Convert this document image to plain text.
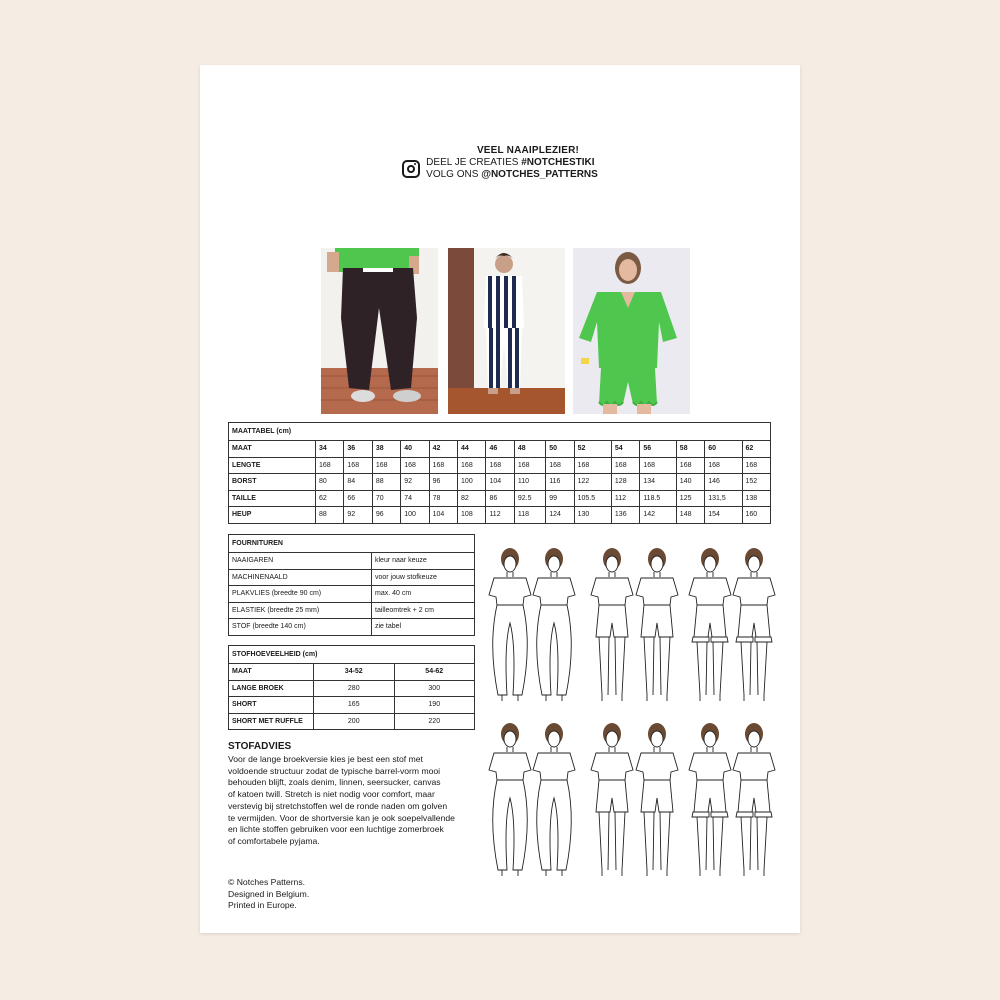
VEEL NAAIPLEZIER!
DEEL JE CREATIES #NOTCHESTIKI
VOLG ONS @NOTCHES_PATTERNS
MAATTABEL (cm)															
MAAT	34	36	38	40	42	44	46	48	50	52	54	56	58	60	62
LENGTE	168	168	168	168	168	168	168	168	168	168	168	168	168	168	168
BORST	80	84	88	92	96	100	104	110	116	122	128	134	140	146	152
TAILLE	62	66	70	74	78	82	86	92.5	99	105.5	112	118.5	125	131,5	138
HEUP	88	92	96	100	104	108	112	118	124	130	136	142	148	154	160
FOURNITUREN	
NAAIGAREN	kleur naar keuze
MACHINENAALD	voor jouw stofkeuze
PLAKVLIES (breedte 90 cm)	max. 40 cm
ELASTIEK (breedte 25 mm)	tailleomtrek + 2 cm
STOF (breedte 140 cm)	zie tabel
STOFHOEVEELHEID (cm)		
MAAT	34-52	54-62
LANGE BROEK	280	300
SHORT	165	190
SHORT MET RUFFLE	200	220
STOFADVIES
Voor de lange broekversie kies je best een stof met
voldoende structuur zodat de typische barrel-vorm mooi
behouden blijft, zoals denim, linnen, seersucker, canvas
of katoen twill. Stretch is niet nodig voor comfort, maar
verstevig bij stretchstoffen wel de ronde naden om golven
te vermijden. Voor de shortversie kan je ook soepelvallende
en lichte stoffen gebruiken voor een luchtige zomerbroek
of comfortabele pyjama.
© Notches Patterns.
Designed in Belgium.
Printed in Europe.
